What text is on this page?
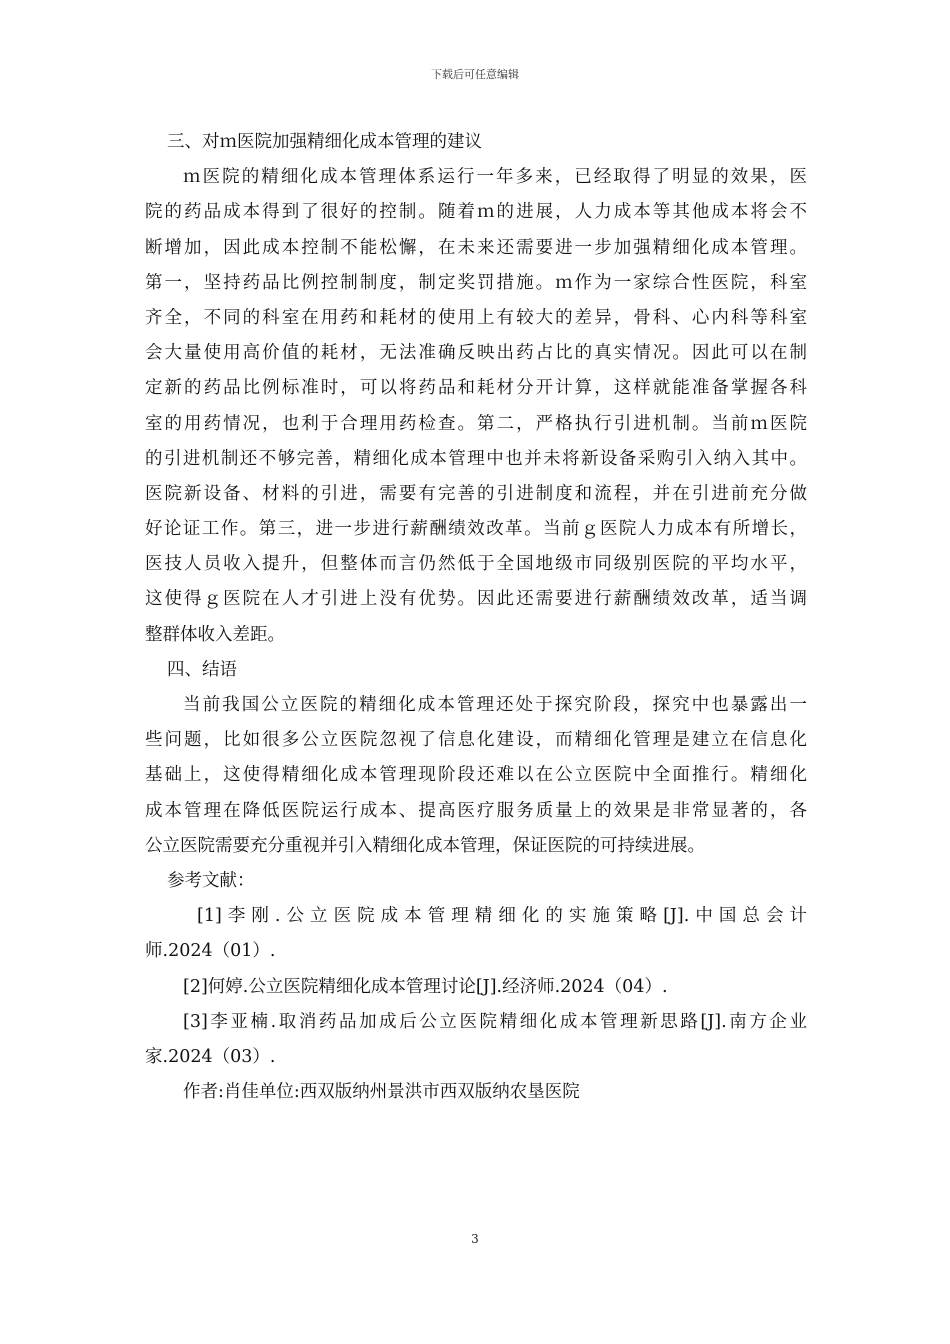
下载后可任意编辑
三、对ｍ医院加强精细化成本管理的建议
ｍ医院的精细化成本管理体系运行一年多来，已经取得了明显的效果，医
院的药品成本得到了很好的控制。随着ｍ的进展，人力成本等其他成本将会不
断增加，因此成本控制不能松懈，在未来还需要进一步加强精细化成本管理。
第一，坚持药品比例控制制度，制定奖罚措施。ｍ作为一家综合性医院，科室
齐全，不同的科室在用药和耗材的使用上有较大的差异，骨科、心内科等科室
会大量使用高价值的耗材，无法准确反映出药占比的真实情况。因此可以在制
定新的药品比例标准时，可以将药品和耗材分开计算，这样就能准备掌握各科
室的用药情况，也利于合理用药检查。第二，严格执行引进机制。当前ｍ医院
的引进机制还不够完善，精细化成本管理中也并未将新设备采购引入纳入其中。
医院新设备、材料的引进，需要有完善的引进制度和流程，并在引进前充分做
好论证工作。第三，进一步进行薪酬绩效改革。当前ｇ医院人力成本有所增长，
医技人员收入提升，但整体而言仍然低于全国地级市同级别医院的平均水平，
这使得ｇ医院在人才引进上没有优势。因此还需要进行薪酬绩效改革，适当调
整群体收入差距。
四、结语
当前我国公立医院的精细化成本管理还处于探究阶段，探究中也暴露出一
些问题，比如很多公立医院忽视了信息化建设，而精细化管理是建立在信息化
基础上，这使得精细化成本管理现阶段还难以在公立医院中全面推行。精细化
成本管理在降低医院运行成本、提高医疗服务质量上的效果是非常显著的，各
公立医院需要充分重视并引入精细化成本管理，保证医院的可持续进展。
参考文献：
[1]李刚.公立医院成本管理精细化的实施策略[J].中国总会计
师.2024（01）.
[2]何婷.公立医院精细化成本管理讨论[J].经济师.2024（04）.
[3]李亚楠.取消药品加成后公立医院精细化成本管理新思路[J].南方企业
家.2024（03）.
作者:肖佳单位:西双版纳州景洪市西双版纳农垦医院
3
